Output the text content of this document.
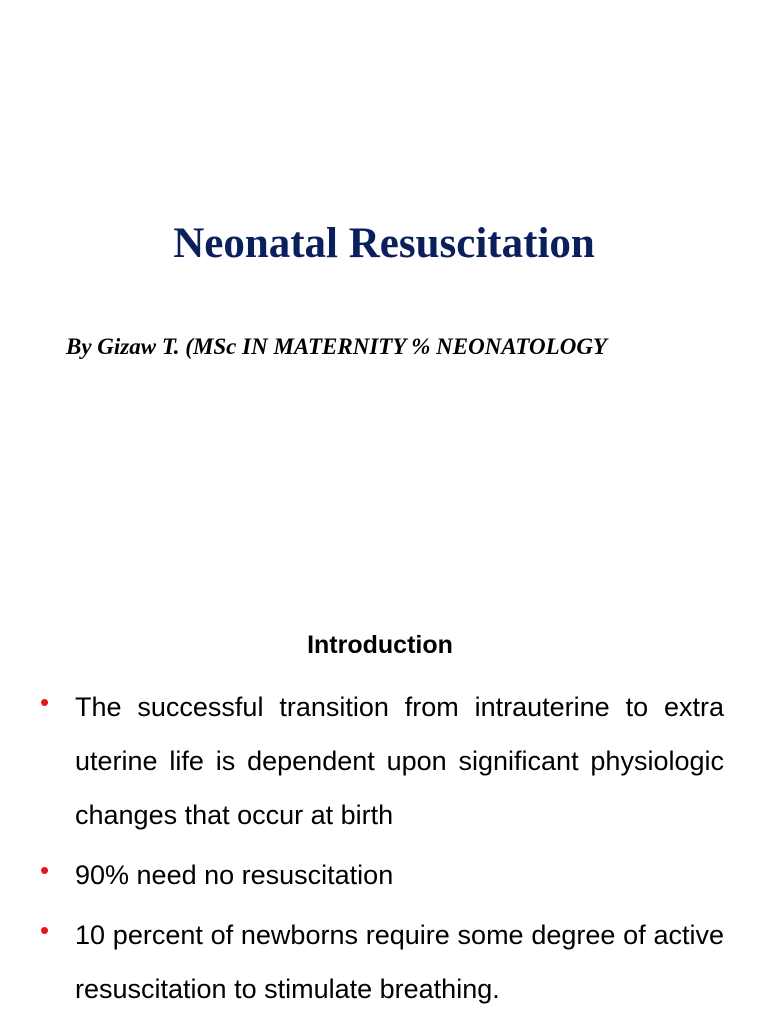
Neonatal Resuscitation
By Gizaw T. (MSc IN MATERNITY % NEONATOLOGY
Introduction
• The successful transition from intrauterine to extra uterine life is dependent upon significant physiologic changes that occur at birth
• 90% need no resuscitation
• 10 percent of newborns require some degree of active resuscitation to stimulate breathing.
